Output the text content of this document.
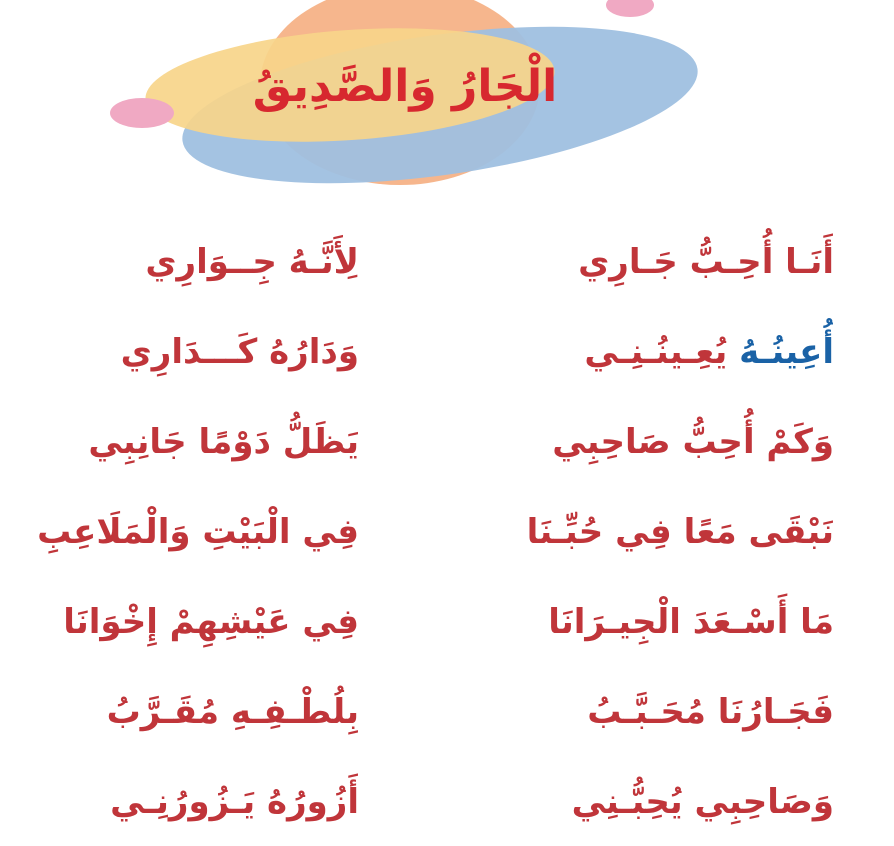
الْجَارُ وَالصَّدِيقُ
أَنَـا أُحِـبُّ جَـارِي
لِأَنَّـهُ جِــوَارِي
أُعِينُـهُ يُعِـينُـنِـي
وَدَارُهُ كَـــدَارِي
وَكَمْ أُحِبُّ صَاحِبِي
يَظَلُّ دَوْمًا جَانِبِي
نَبْقَى مَعًا فِي حُبِّـنَا
فِي الْبَيْتِ وَالْمَلَاعِبِ
مَا أَسْـعَدَ الْجِيـرَانَا
فِي عَيْشِهِمْ إِخْوَانَا
فَجَـارُنَا مُحَـبَّـبُ
بِلُطْـفِـهِ مُقَـرَّبُ
وَصَاحِبِي يُحِبُّـنِي
أَزُورُهُ يَـزُورُنِـي
